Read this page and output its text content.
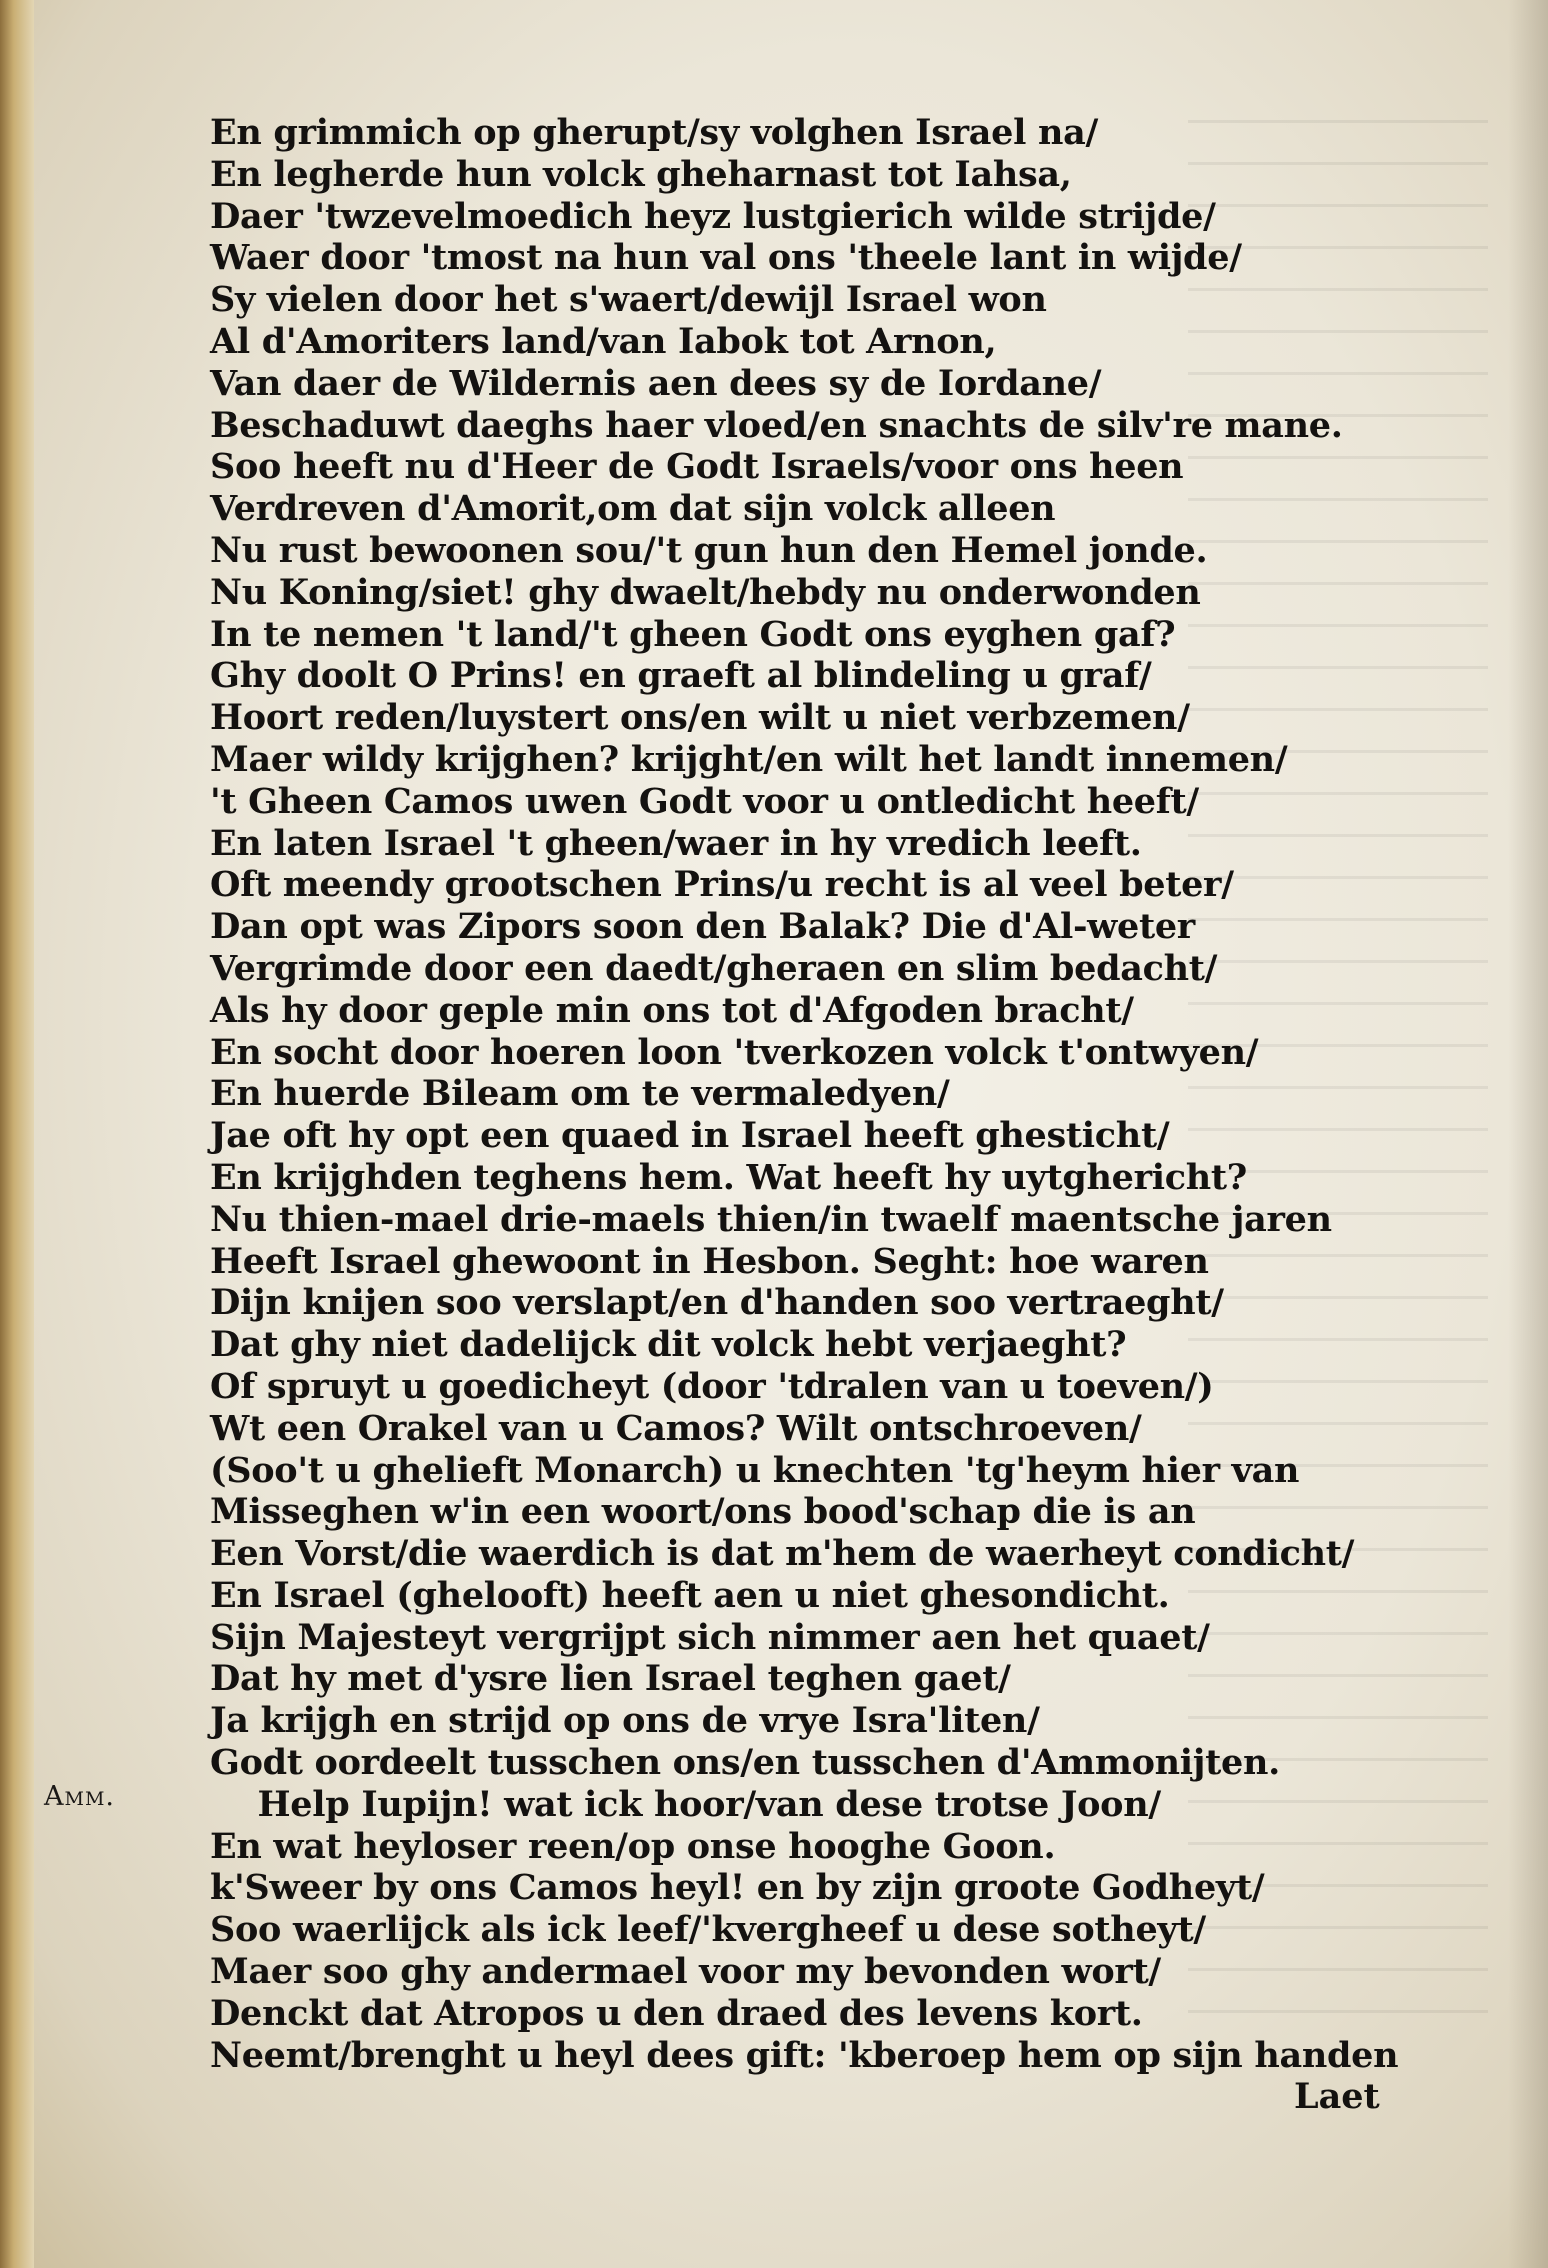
En grimmich op gherupt/sy volghen Israel na/
En legherde hun volck gheharnast tot Iahsa,
Daer 'twzevelmoedich heyz lustgierich wilde strijde/
Waer door 'tmost na hun val ons 'theele lant in wijde/
Sy vielen door het s'waert/dewijl Israel won
Al d'Amoriters land/van Iabok tot Arnon,
Van daer de Wildernis aen dees sy de Iordane/
Beschaduwt daeghs haer vloed/en snachts de silv're mane.
Soo heeft nu d'Heer de Godt Israels/voor ons heen
Verdreven d'Amorit,om dat sijn volck alleen
Nu rust bewoonen sou/'t gun hun den Hemel jonde.
Nu Koning/siet! ghy dwaelt/hebdy nu onderwonden
In te nemen 't land/'t gheen Godt ons eyghen gaf?
Ghy doolt O Prins! en graeft al blindeling u graf/
Hoort reden/luystert ons/en wilt u niet verbzemen/
Maer wildy krijghen? krijght/en wilt het landt innemen/
't Gheen Camos uwen Godt voor u ontledicht heeft/
En laten Israel 't gheen/waer in hy vredich leeft.
Oft meendy grootschen Prins/u recht is al veel beter/
Dan opt was Zipors soon den Balak? Die d'Al-weter
Vergrimde door een daedt/gheraen en slim bedacht/
Als hy door geple min ons tot d'Afgoden bracht/
En socht door hoeren loon 'tverkozen volck t'ontwyen/
En huerde Bileam om te vermaledyen/
Jae oft hy opt een quaed in Israel heeft ghesticht/
En krijghden teghens hem. Wat heeft hy uytghericht?
Nu thien-mael drie-maels thien/in twaelf maentsche jaren
Heeft Israel ghewoont in Hesbon. Seght: hoe waren
Dijn knijen soo verslapt/en d'handen soo vertraeght/
Dat ghy niet dadelijck dit volck hebt verjaeght?
Of spruyt u goedicheyt (door 'tdralen van u toeven/)
Wt een Orakel van u Camos? Wilt ontschroeven/
(Soo't u ghelieft Monarch) u knechten 'tg'heym hier van
Misseghen w'in een woort/ons bood'schap die is an
Een Vorst/die waerdich is dat m'hem de waerheyt condicht/
En Israel (ghelooft) heeft aen u niet ghesondicht.
Sijn Majesteyt vergrijpt sich nimmer aen het quaet/
Dat hy met d'ysre lien Israel teghen gaet/
Ja krijgh en strijd op ons de vrye Isra'liten/
Godt oordeelt tusschen ons/en tusschen d'Ammonijten.
Help Iupijn! wat ick hoor/van dese trotse Joon/
En wat heyloser reen/op onse hooghe Goon.
k'Sweer by ons Camos heyl! en by zijn groote Godheyt/
Soo waerlijck als ick leef/'kvergheef u dese sotheyt/
Maer soo ghy andermael voor my bevonden wort/
Denckt dat Atropos u den draed des levens kort.
Neemt/brenght u heyl dees gift: 'kberoep hem op sijn handen
Amm.
Laet
